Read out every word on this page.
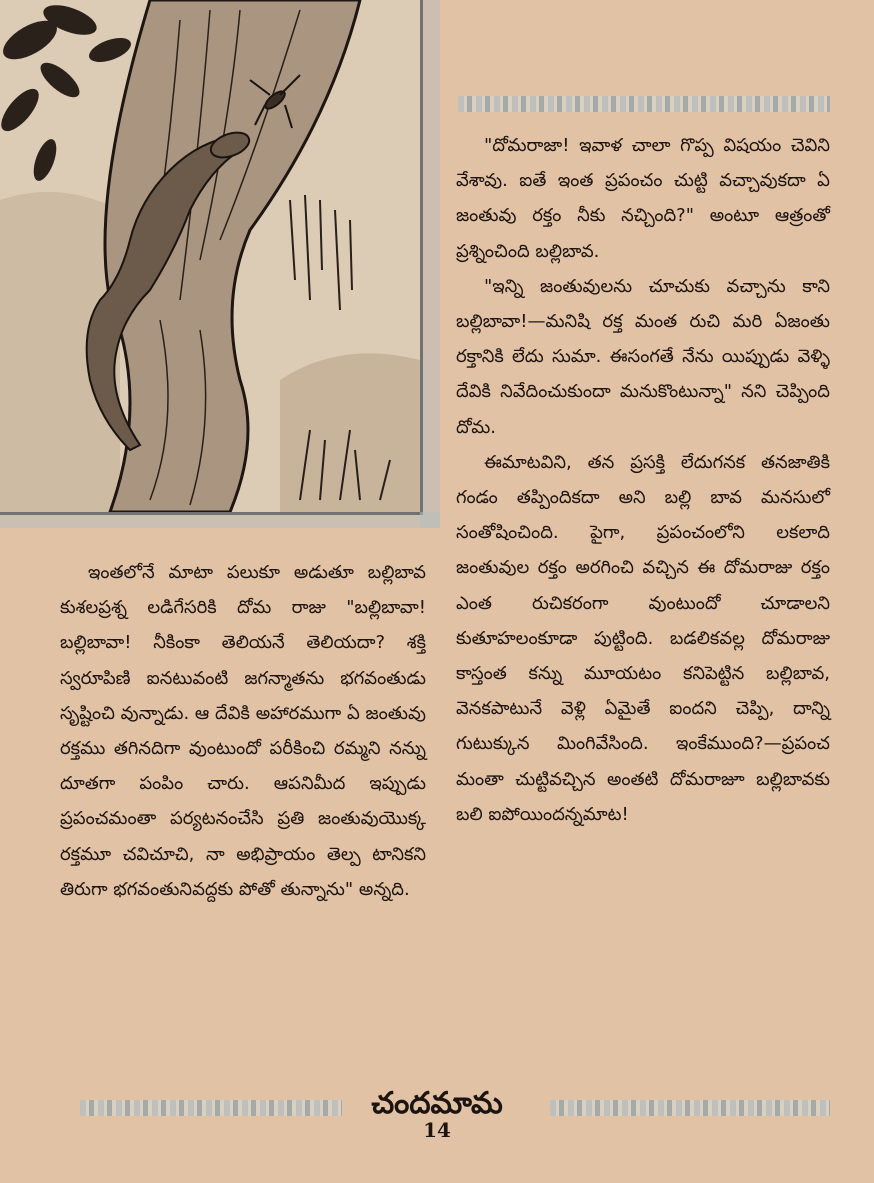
"దోమరాజా! ఇవాళ చాలా గొప్ప విషయం చెవిని వేశావు. ఐతే ఇంత ప్రపంచం చుట్టి వచ్చావుకదా ఏ జంతువు రక్తం నీకు నచ్చింది?" అంటూ ఆత్రంతో ప్రశ్నించింది బల్లిబావ.

"ఇన్ని జంతువులను చూచుకు వచ్చాను కాని బల్లిబావా!—మనిషి రక్త మంత రుచి మరి ఏజంతు రక్తానికి లేదు సుమా. ఈసంగతే నేను యిప్పుడు వెళ్ళి దేవికి నివేదించుకుందా మనుకొంటున్నా" నని చెప్పింది దోమ.

ఈమాటవిని, తన ప్రసక్తి లేదుగనక తనజాతికి గండం తప్పిందికదా అని బల్లి బావ మనసులో సంతోషించింది. పైగా, ప్రపంచంలోని లకలాది జంతువుల రక్తం అరగించి వచ్చిన ఈ దోమరాజు రక్తం ఎంత రుచికరంగా వుంటుందో చూడాలని కుతూహలంకూడా పుట్టింది. బడలికవల్ల దోమరాజు కాస్తంత కన్ను మూయటం కనిపెట్టిన బల్లిబావ, వెనకపాటునే వెళ్లి ఏమైతే ఐందని చెప్పి, దాన్ని గుటుక్కున మింగివేసింది. ఇంకేముంది?—ప్రపంచ మంతా చుట్టివచ్చిన అంతటి దోమరాజూ బల్లిబావకు బలి ఐపోయిందన్నమాట!

ఇంతలోనే మాటా పలుకూ అడుతూ బల్లిబావ కుశలప్రశ్న లడిగేసరికి దోమ రాజు "బల్లిబావా! బల్లిబావా! నీకింకా తెలియనే తెలియదా? శక్తి స్వరూపిణి ఐనటువంటి జగన్మాతను భగవంతుడు సృష్టించి వున్నాడు. ఆ దేవికి అహారముగా ఏ జంతువు రక్తము తగినదిగా వుంటుందో పరీకించి రమ్మని నన్ను దూతగా పంపిం చారు. ఆపనిమీద ఇప్పుడు ప్రపంచమంతా పర్యటనంచేసి ప్రతి జంతువుయొక్క రక్తమూ చవిచూచి, నా అభిప్రాయం తెల్ప టానికని తిరుగా భగవంతునివద్దకు పోతో తున్నాను" అన్నది.

చందమామ
14
